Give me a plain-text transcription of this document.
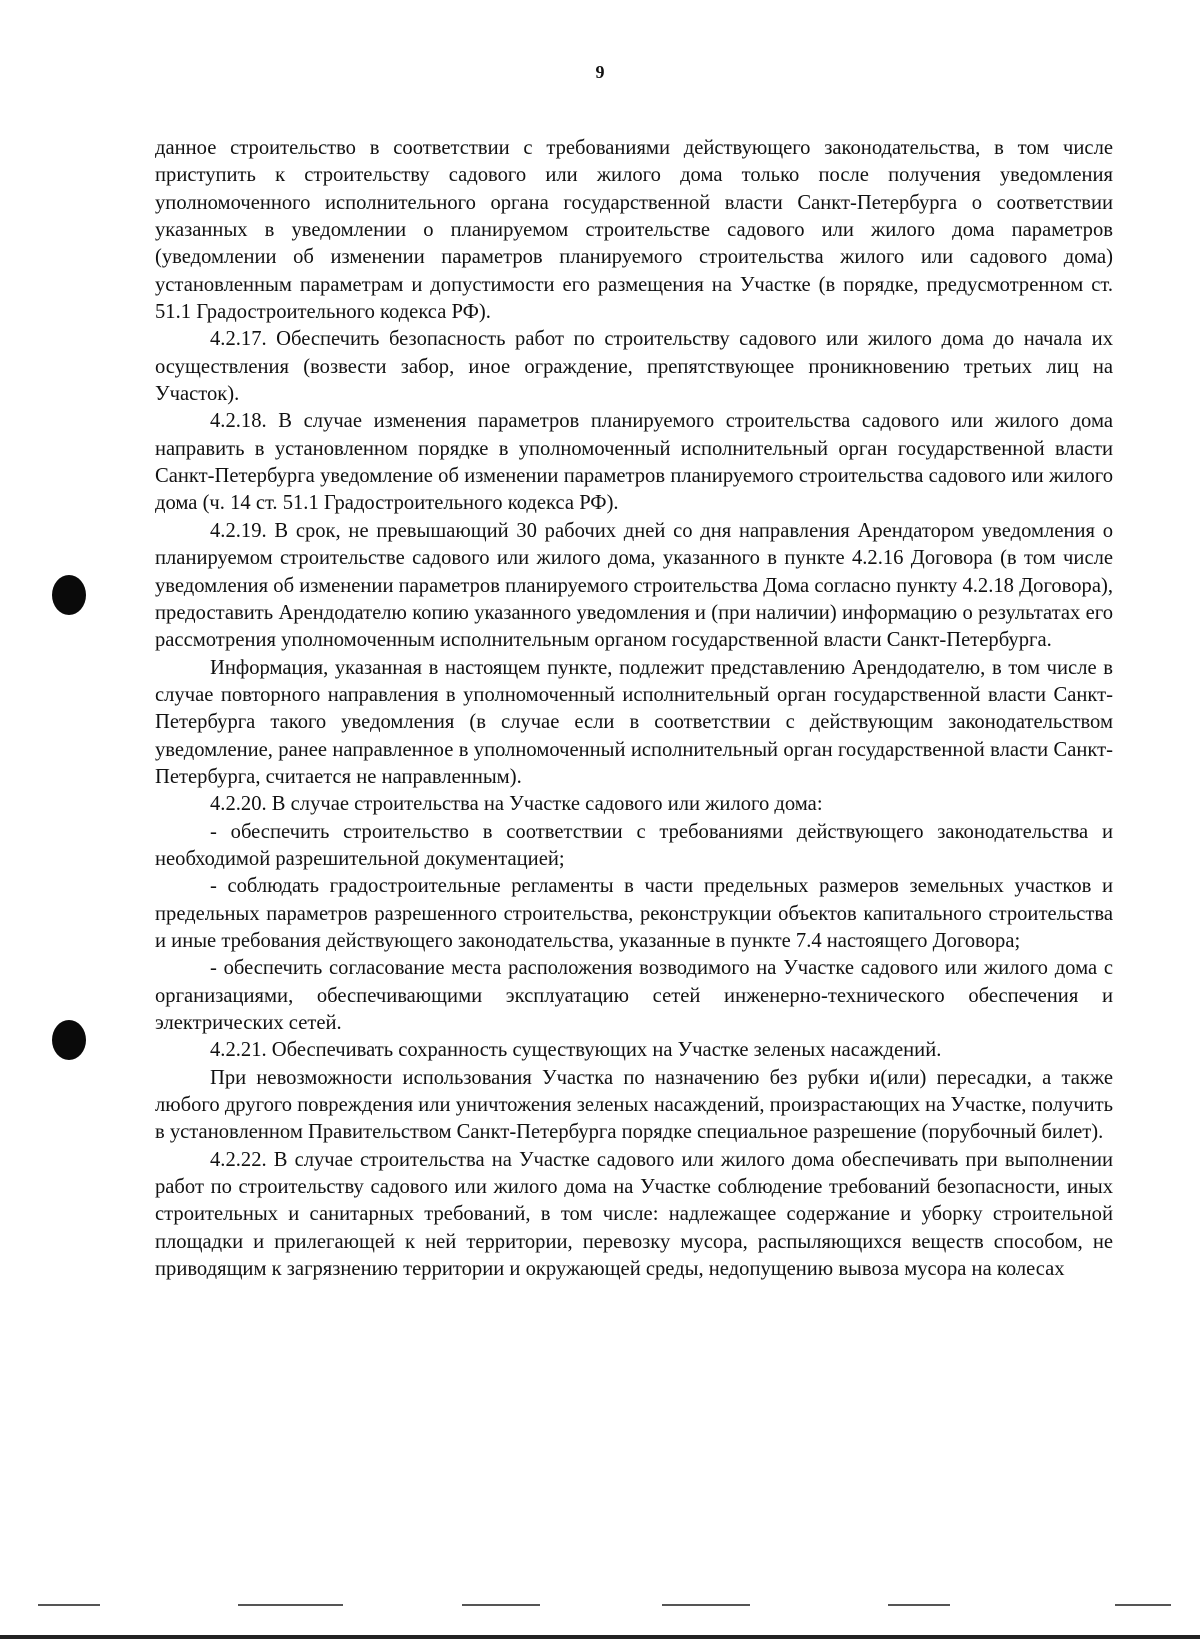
9

данное строительство в соответствии с требованиями действующего законодательства, в том числе приступить к строительству садового или жилого дома только после получения уведомления уполномоченного исполнительного органа государственной власти Санкт-Петербурга о соответствии указанных в уведомлении о планируемом строительстве садового или жилого дома параметров (уведомлении об изменении параметров планируемого строительства жилого или садового дома) установленным параметрам и допустимости его размещения на Участке (в порядке, предусмотренном ст. 51.1 Градостроительного кодекса РФ).

4.2.17. Обеспечить безопасность работ по строительству садового или жилого дома до начала их осуществления (возвести забор, иное ограждение, препятствующее проникновению третьих лиц на Участок).

4.2.18. В случае изменения параметров планируемого строительства садового или жилого дома направить в установленном порядке в уполномоченный исполнительный орган государственной власти Санкт-Петербурга уведомление об изменении параметров планируемого строительства садового или жилого дома (ч. 14 ст. 51.1 Градостроительного кодекса РФ).

4.2.19. В срок, не превышающий 30 рабочих дней со дня направления Арендатором уведомления о планируемом строительстве садового или жилого дома, указанного в пункте 4.2.16 Договора (в том числе уведомления об изменении параметров планируемого строительства Дома согласно пункту 4.2.18 Договора), предоставить Арендодателю копию указанного уведомления и (при наличии) информацию о результатах его рассмотрения уполномоченным исполнительным органом государственной власти Санкт-Петербурга.

Информация, указанная в настоящем пункте, подлежит представлению Арендодателю, в том числе в случае повторного направления в уполномоченный исполнительный орган государственной власти Санкт-Петербурга такого уведомления (в случае если в соответствии с действующим законодательством уведомление, ранее направленное в уполномоченный исполнительный орган государственной власти Санкт-Петербурга, считается не направленным).

4.2.20. В случае строительства на Участке садового или жилого дома:

- обеспечить строительство в соответствии с требованиями действующего законодательства и необходимой разрешительной документацией;

- соблюдать градостроительные регламенты в части предельных размеров земельных участков и предельных параметров разрешенного строительства, реконструкции объектов капитального строительства и иные требования действующего законодательства, указанные в пункте 7.4 настоящего Договора;

- обеспечить согласование места расположения возводимого на Участке садового или жилого дома с организациями, обеспечивающими эксплуатацию сетей инженерно-технического обеспечения и электрических сетей.

4.2.21. Обеспечивать сохранность существующих на Участке зеленых насаждений.

При невозможности использования Участка по назначению без рубки и(или) пересадки, а также любого другого повреждения или уничтожения зеленых насаждений, произрастающих на Участке, получить в установленном Правительством Санкт-Петербурга порядке специальное разрешение (порубочный билет).

4.2.22. В случае строительства на Участке садового или жилого дома обеспечивать при выполнении работ по строительству садового или жилого дома на Участке соблюдение требований безопасности, иных строительных и санитарных требований, в том числе: надлежащее содержание и уборку строительной площадки и прилегающей к ней территории, перевозку мусора, распыляющихся веществ способом, не приводящим к загрязнению территории и окружающей среды, недопущению вывоза мусора на колесах
